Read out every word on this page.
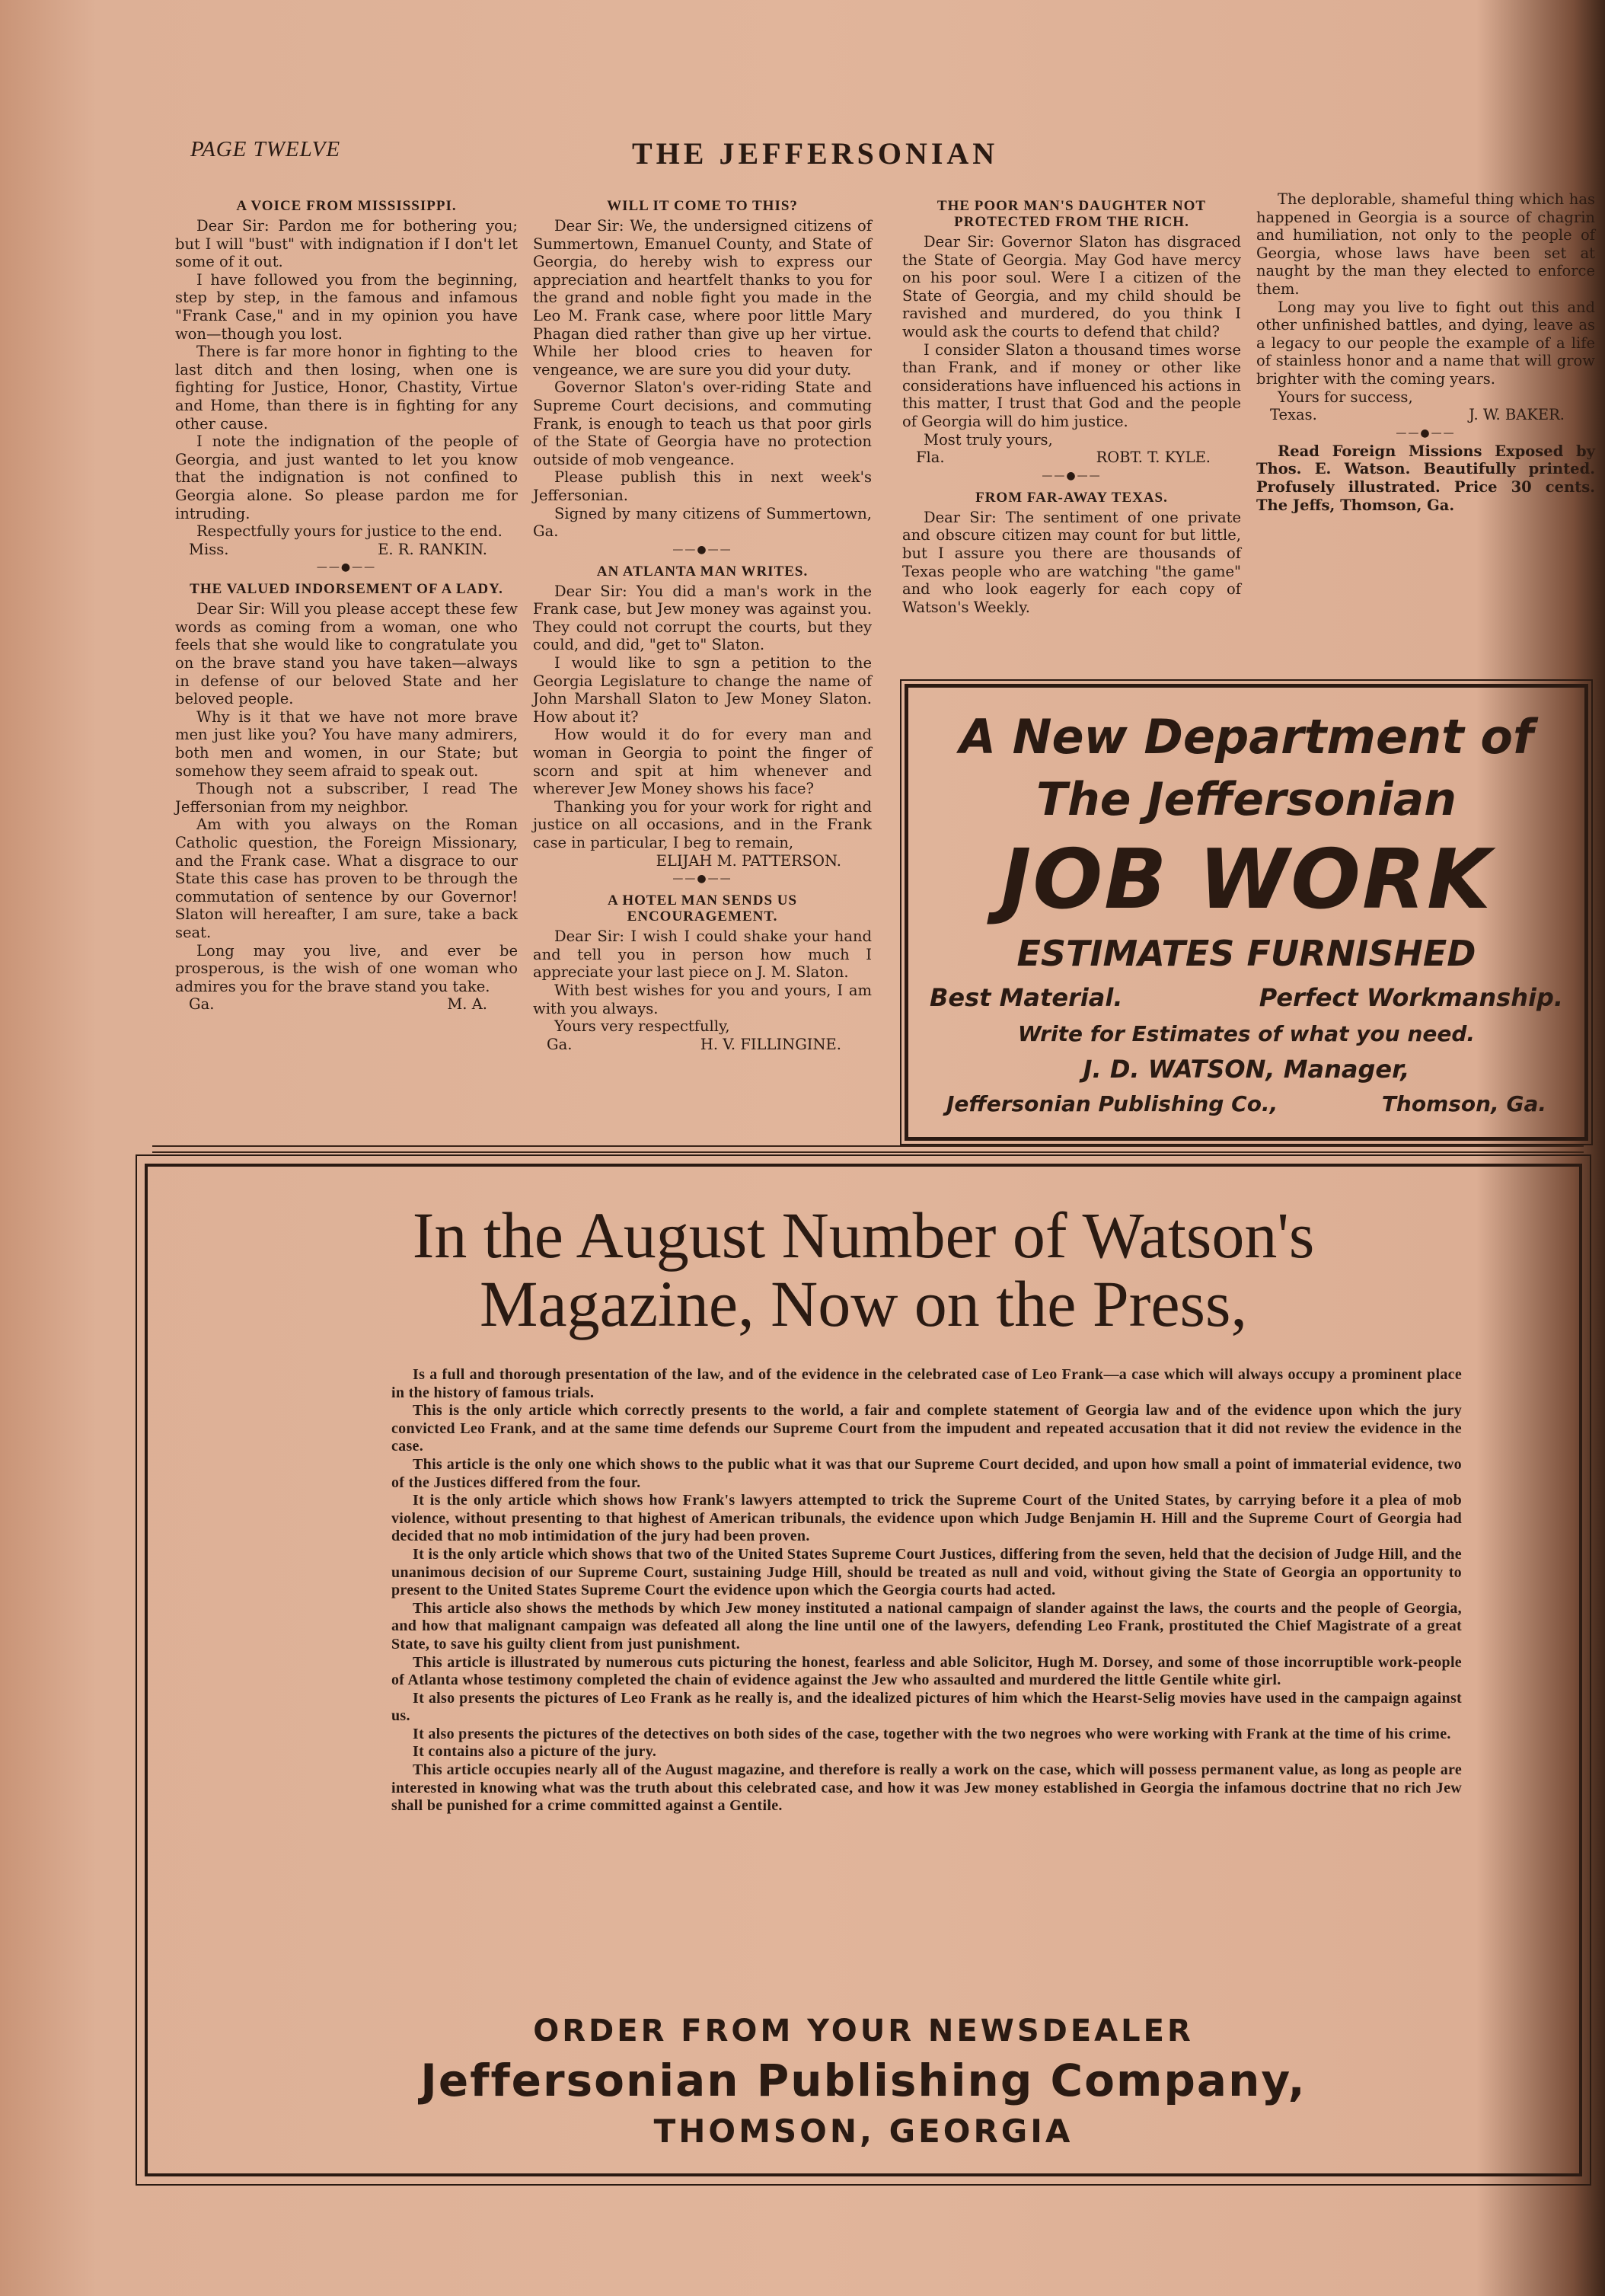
PAGE TWELVE	THE JEFFERSONIAN
A VOICE FROM MISSISSIPPI.

Dear Sir: Pardon me for bothering you; but I will "bust" with indignation if I don't let some of it out.

I have followed you from the beginning, step by step, in the famous and infamous "Frank Case," and in my opinion you have won—though you lost.

There is far more honor in fighting to the last ditch and then losing, when one is fighting for Justice, Honor, Chastity, Virtue and Home, than there is in fighting for any other cause.

I note the indignation of the people of Georgia, and just wanted to let you know that the indignation is not confined to Georgia alone. So please pardon me for intruding.

Respectfully yours for justice to the end.

Miss.	E. R. RANKIN.
——●——
THE VALUED INDORSEMENT OF A LADY.

Dear Sir: Will you please accept these few words as coming from a woman, one who feels that she would like to congratulate you on the brave stand you have taken—always in defense of our beloved State and her beloved people.

Why is it that we have not more brave men just like you? You have many admirers, both men and women, in our State; but somehow they seem afraid to speak out.

Though not a subscriber, I read The Jeffersonian from my neighbor.

Am with you always on the Roman Catholic question, the Foreign Missionary, and the Frank case. What a disgrace to our State this case has proven to be through the commutation of sentence by our Governor! Slaton will hereafter, I am sure, take a back seat.

Long may you live, and ever be prosperous, is the wish of one woman who admires you for the brave stand you take.

Ga.	M. A.
WILL IT COME TO THIS?

Dear Sir: We, the undersigned citizens of Summertown, Emanuel County, and State of Georgia, do hereby wish to express our appreciation and heartfelt thanks to you for the grand and noble fight you made in the Leo M. Frank case, where poor little Mary Phagan died rather than give up her virtue. While her blood cries to heaven for vengeance, we are sure you did your duty.

Governor Slaton's over-riding State and Supreme Court decisions, and commuting Frank, is enough to teach us that poor girls of the State of Georgia have no protection outside of mob vengeance.

Please publish this in next week's Jeffersonian.

Signed by many citizens of Summertown, Ga.

——●——
AN ATLANTA MAN WRITES.

Dear Sir: You did a man's work in the Frank case, but Jew money was against you. They could not corrupt the courts, but they could, and did, "get to" Slaton.

I would like to sgn a petition to the Georgia Legislature to change the name of John Marshall Slaton to Jew Money Slaton. How about it?

How would it do for every man and woman in Georgia to point the finger of scorn and spit at him whenever and wherever Jew Money shows his face?

Thanking you for your work for right and justice on all occasions, and in the Frank case in particular, I beg to remain,

ELIJAH M. PATTERSON.
——●——
A HOTEL MAN SENDS US ENCOURAGEMENT.

Dear Sir: I wish I could shake your hand and tell you in person how much I appreciate your last piece on J. M. Slaton.

With best wishes for you and yours, I am with you always.

Yours very respectfully,

Ga.	H. V. FILLINGINE.
THE POOR MAN'S DAUGHTER NOT PROTECTED FROM THE RICH.

Dear Sir: Governor Slaton has disgraced the State of Georgia. May God have mercy on his poor soul. Were I a citizen of the State of Georgia, and my child should be ravished and murdered, do you think I would ask the courts to defend that child?

I consider Slaton a thousand times worse than Frank, and if money or other like considerations have influenced his actions in this matter, I trust that God and the people of Georgia will do him justice.

Most truly yours,

Fla.	ROBT. T. KYLE.
——●——
FROM FAR-AWAY TEXAS.

Dear Sir: The sentiment of one private and obscure citizen may count for but little, but I assure you there are thousands of Texas people who are watching "the game" and who look eagerly for each copy of Watson's Weekly.

The deplorable, shameful thing which has happened in Georgia is a source of chagrin and humiliation, not only to the people of Georgia, whose laws have been set at naught by the man they elected to enforce them.

Long may you live to fight out this and other unfinished battles, and dying, leave as a legacy to our people the example of a life of stainless honor and a name that will grow brighter with the coming years.

Yours for success,

Texas.	J. W. BAKER.
——●——

Read Foreign Missions Exposed by Thos. E. Watson. Beautifully printed. Profusely illustrated. Price 30 cents. The Jeffs, Thomson, Ga.

A New Department of
The Jeffersonian
JOB WORK
ESTIMATES FURNISHED
Best Material.	Perfect Workmanship.
Write for Estimates of what you need.
J. D. WATSON, Manager,
Jeffersonian Publishing Co.,	Thomson, Ga.
In the August Number of Watson's
Magazine, Now on the Press,

Is a full and thorough presentation of the law, and of the evidence in the celebrated case of Leo Frank—a case which will always occupy a prominent place in the history of famous trials.

This is the only article which correctly presents to the world, a fair and complete statement of Georgia law and of the evidence upon which the jury convicted Leo Frank, and at the same time defends our Supreme Court from the impudent and repeated accusation that it did not review the evidence in the case.

This article is the only one which shows to the public what it was that our Supreme Court decided, and upon how small a point of immaterial evidence, two of the Justices differed from the four.

It is the only article which shows how Frank's lawyers attempted to trick the Supreme Court of the United States, by carrying before it a plea of mob violence, without presenting to that highest of American tribunals, the evidence upon which Judge Benjamin H. Hill and the Supreme Court of Georgia had decided that no mob intimidation of the jury had been proven.

It is the only article which shows that two of the United States Supreme Court Justices, differing from the seven, held that the decision of Judge Hill, and the unanimous decision of our Supreme Court, sustaining Judge Hill, should be treated as null and void, without giving the State of Georgia an opportunity to present to the United States Supreme Court the evidence upon which the Georgia courts had acted.

This article also shows the methods by which Jew money instituted a national campaign of slander against the laws, the courts and the people of Georgia, and how that malignant campaign was defeated all along the line until one of the lawyers, defending Leo Frank, prostituted the Chief Magistrate of a great State, to save his guilty client from just punishment.

This article is illustrated by numerous cuts picturing the honest, fearless and able Solicitor, Hugh M. Dorsey, and some of those incorruptible work-people of Atlanta whose testimony completed the chain of evidence against the Jew who assaulted and murdered the little Gentile white girl.

It also presents the pictures of Leo Frank as he really is, and the idealized pictures of him which the Hearst-Selig movies have used in the campaign against us.

It also presents the pictures of the detectives on both sides of the case, together with the two negroes who were working with Frank at the time of his crime.

It contains also a picture of the jury.

This article occupies nearly all of the August magazine, and therefore is really a work on the case, which will possess permanent value, as long as people are interested in knowing what was the truth about this celebrated case, and how it was Jew money established in Georgia the infamous doctrine that no rich Jew shall be punished for a crime committed against a Gentile.

ORDER FROM YOUR NEWSDEALER
Jeffersonian Publishing Company,
THOMSON, GEORGIA
